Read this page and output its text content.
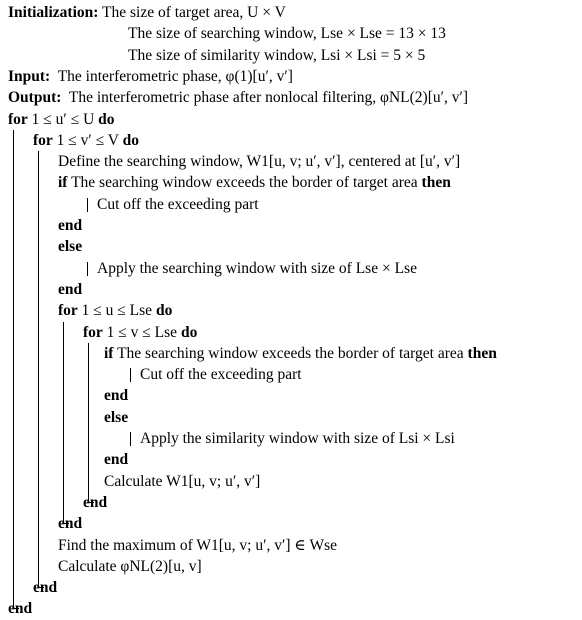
Initialization: The size of target area, U × V
The size of searching window, Lse × Lse = 13 × 13
The size of similarity window, Lsi × Lsi = 5 × 5
Input:  The interferometric phase, φ(1)[u′, v′]
Output:  The interferometric phase after nonlocal filtering, φNL(2)[u′, v′]
for 1 ≤ u′ ≤ U do
for 1 ≤ v′ ≤ V do
Define the searching window, W1[u, v; u′, v′], centered at [u′, v′]
if The searching window exceeds the border of target area then
Cut off the exceeding part
end
else
Apply the searching window with size of Lse × Lse
end
for 1 ≤ u ≤ Lse do
for 1 ≤ v ≤ Lse do
if The searching window exceeds the border of target area then
Cut off the exceeding part
end
else
Apply the similarity window with size of Lsi × Lsi
end
Calculate W1[u, v; u′, v′]
end
end
Find the maximum of W1[u, v; u′, v′] ∈ Wse
Calculate φNL(2)[u, v]
end
end
